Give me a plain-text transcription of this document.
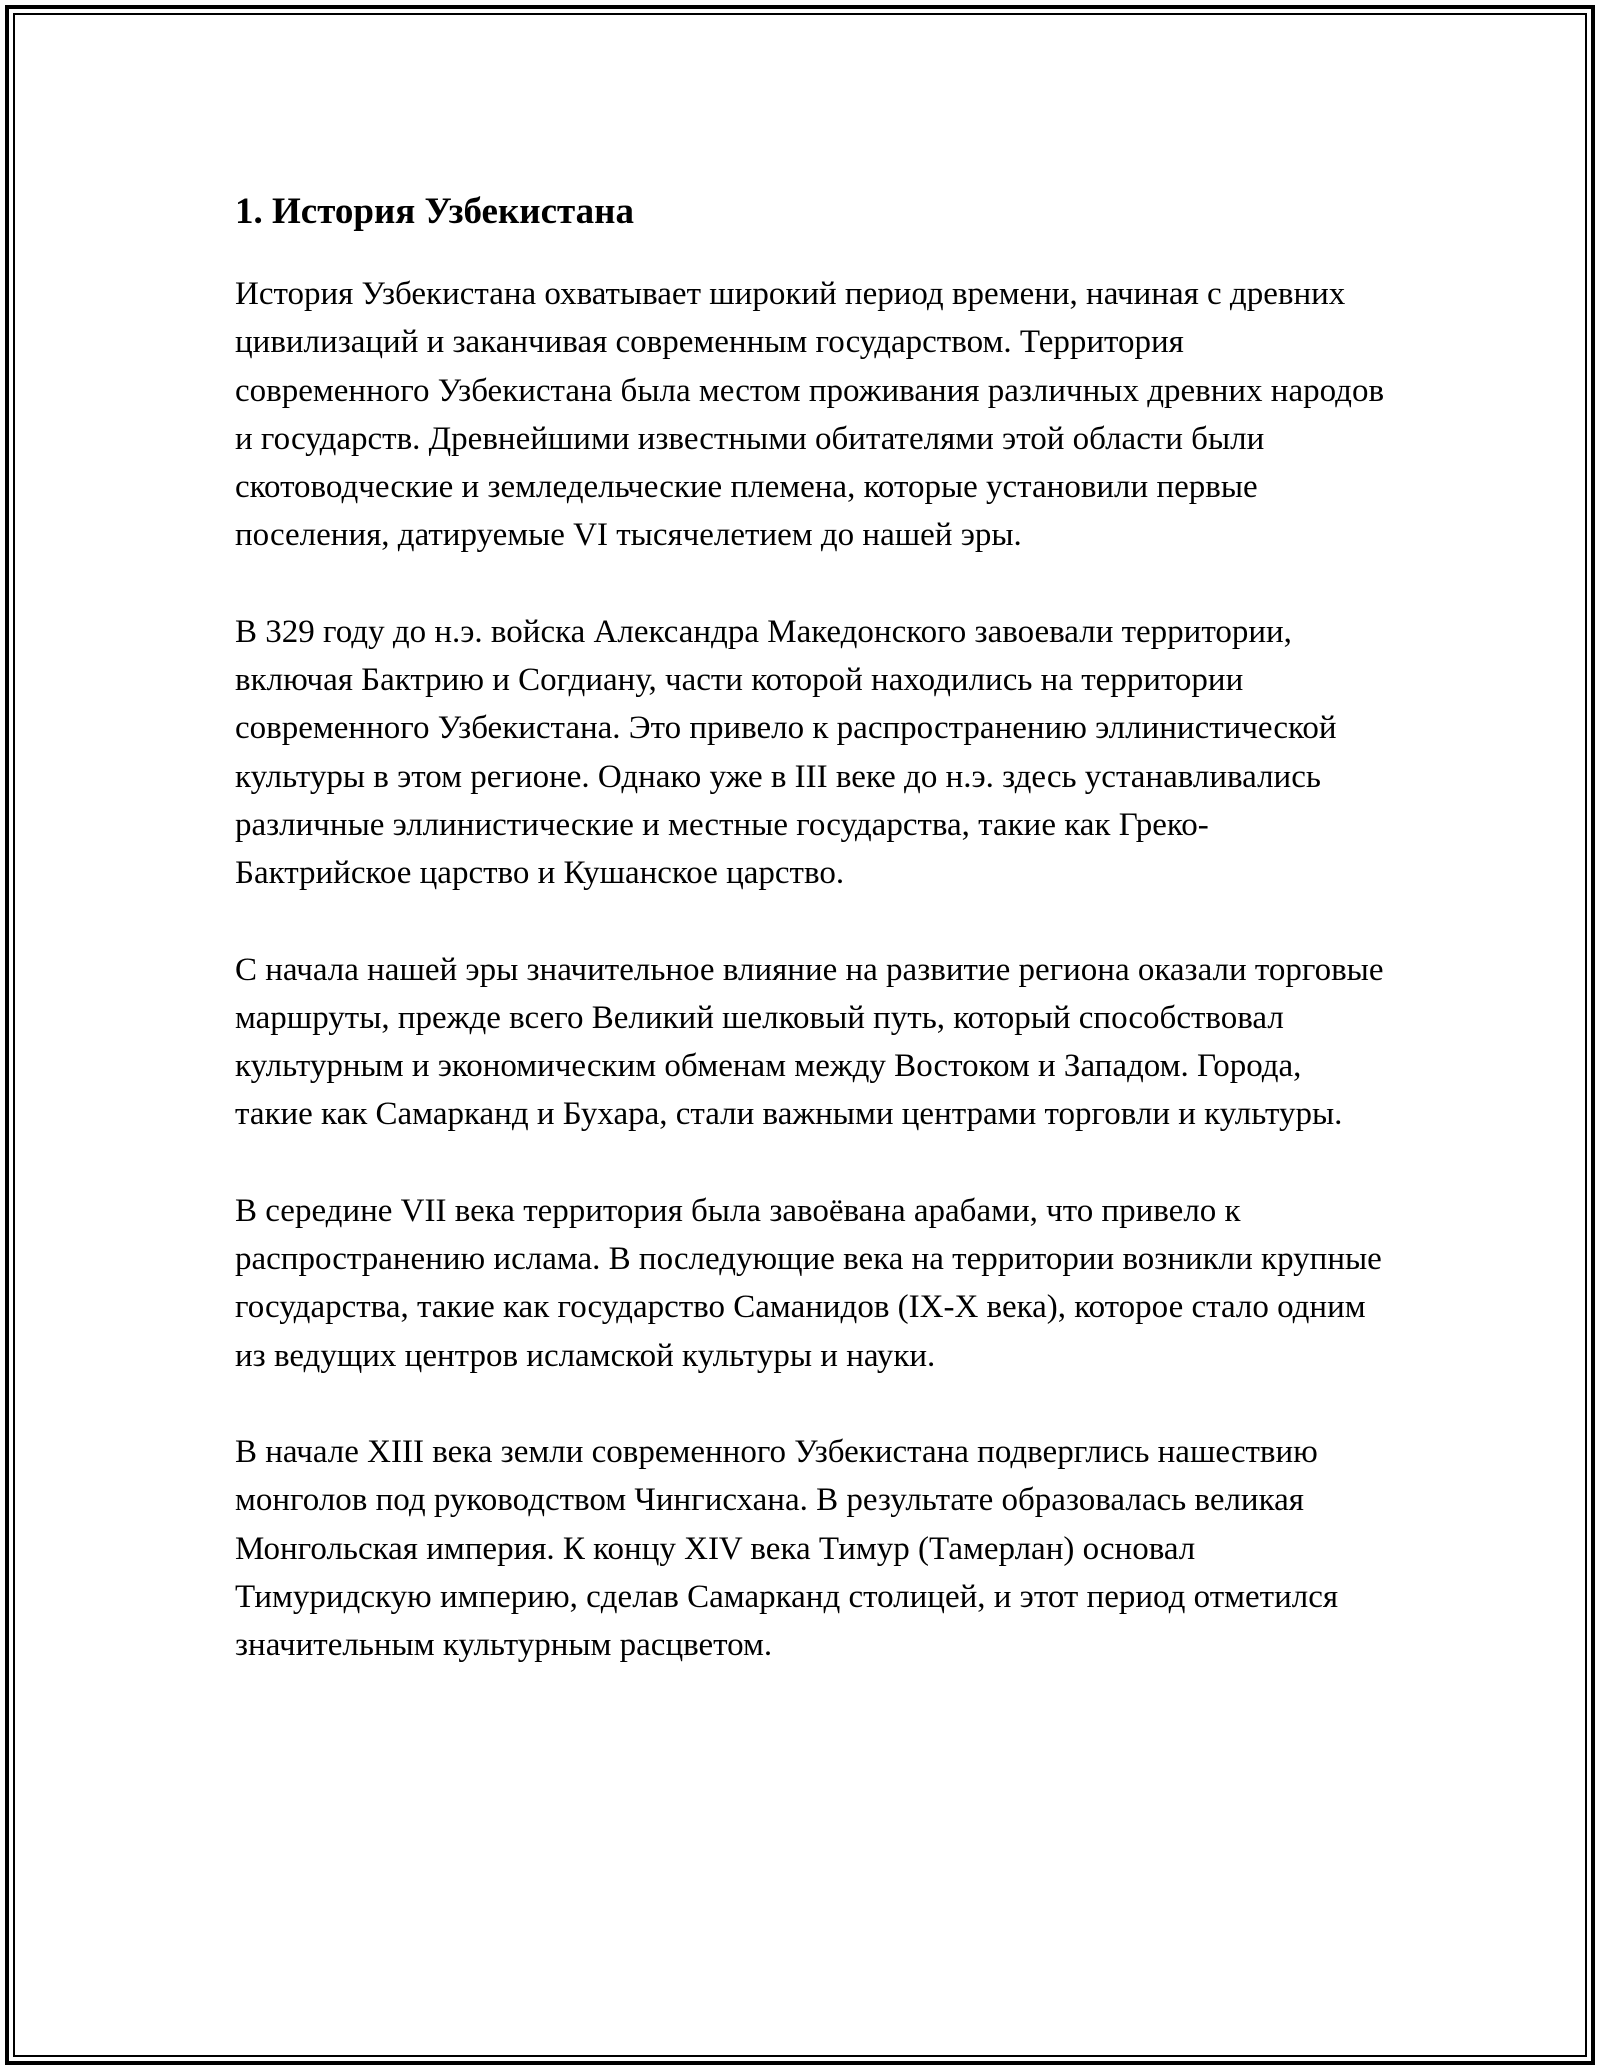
1. История Узбекистана

История Узбекистана охватывает широкий период времени, начиная с древних цивилизаций и заканчивая современным государством. Территория современного Узбекистана была местом проживания различных древних народов и государств. Древнейшими известными обитателями этой области были скотоводческие и земледельческие племена, которые установили первые поселения, датируемые VI тысячелетием до нашей эры.

В 329 году до н.э. войска Александра Македонского завоевали территории, включая Бактрию и Согдиану, части которой находились на территории современного Узбекистана. Это привело к распространению эллинистической культуры в этом регионе. Однако уже в III веке до н.э. здесь устанавливались различные эллинистические и местные государства, такие как Греко-Бактрийское царство и Кушанское царство.

С начала нашей эры значительное влияние на развитие региона оказали торговые маршруты, прежде всего Великий шелковый путь, который способствовал культурным и экономическим обменам между Востоком и Западом. Города, такие как Самарканд и Бухара, стали важными центрами торговли и культуры.

В середине VII века территория была завоёвана арабами, что привело к распространению ислама. В последующие века на территории возникли крупные государства, такие как государство Саманидов (IX-X века), которое стало одним из ведущих центров исламской культуры и науки.

В начале XIII века земли современного Узбекистана подверглись нашествию монголов под руководством Чингисхана. В результате образовалась великая Монгольская империя. К концу XIV века Тимур (Тамерлан) основал Тимуридскую империю, сделав Самарканд столицей, и этот период отметился значительным культурным расцветом.
